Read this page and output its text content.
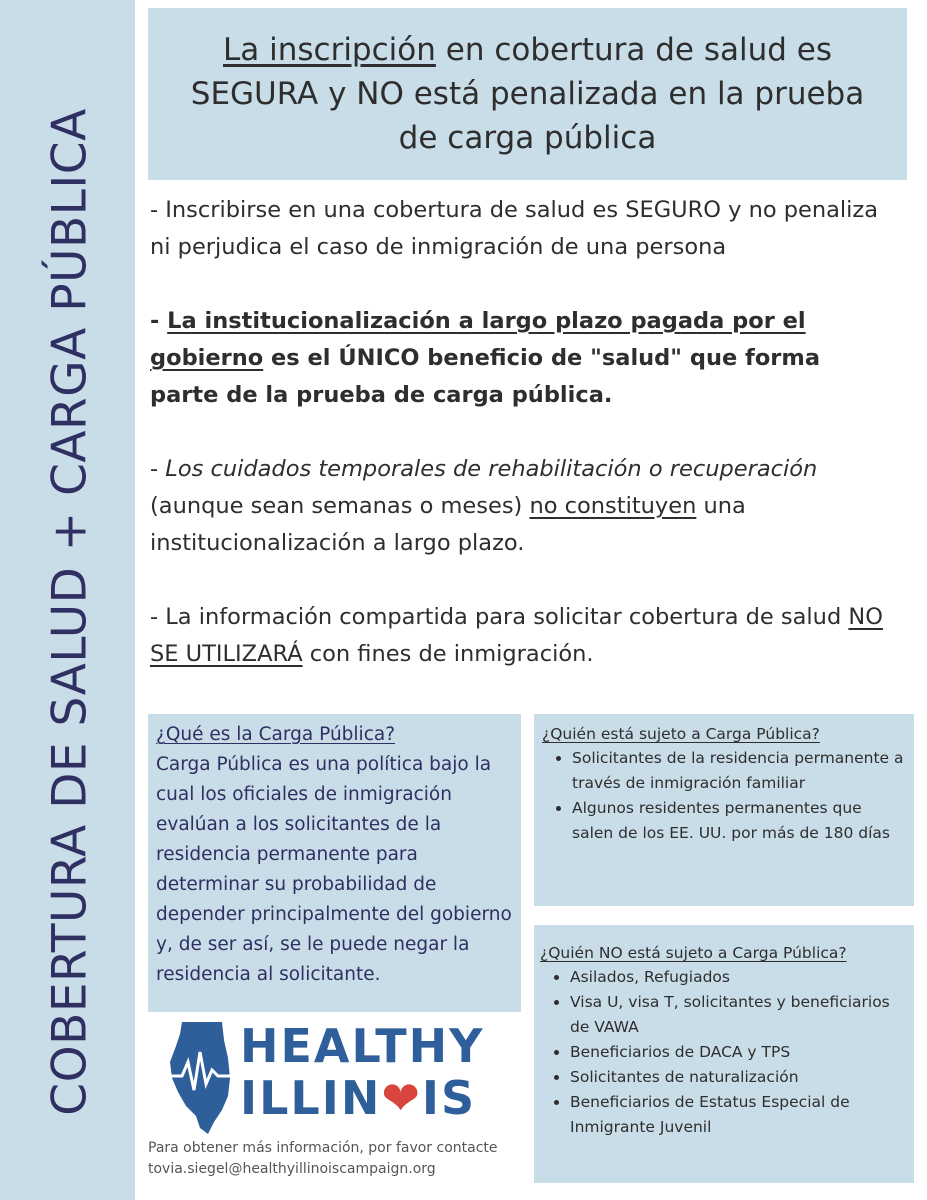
COBERTURA DE SALUD + CARGA PÚBLICA
La inscripción en cobertura de salud es SEGURA y NO está penalizada en la prueba de carga pública

- Inscribirse en una cobertura de salud es SEGURO y no penaliza ni perjudica el caso de inmigración de una persona

- La institucionalización a largo plazo pagada por el gobierno es el ÚNICO beneficio de "salud" que forma parte de la prueba de carga pública.

- Los cuidados temporales de rehabilitación o recuperación (aunque sean semanas o meses) no constituyen una institucionalización a largo plazo.

- La información compartida para solicitar cobertura de salud NO SE UTILIZARÁ con fines de inmigración.

¿Qué es la Carga Pública?
Carga Pública es una política bajo la cual los oficiales de inmigración evalúan a los solicitantes de la residencia permanente para determinar su probabilidad de depender principalmente del gobierno y, de ser así, se le puede negar la residencia al solicitante.
¿Quién está sujeto a Carga Pública?
• Solicitantes de la residencia permanente a través de inmigración familiar
• Algunos residentes permanentes que salen de los EE. UU. por más de 180 días
¿Quién NO está sujeto a Carga Pública?
• Asilados, Refugiados
• Visa U, visa T, solicitantes y beneficiarios de VAWA
• Beneficiarios de DACA y TPS
• Solicitantes de naturalización
• Beneficiarios de Estatus Especial de Inmigrante Juvenil
HEALTHY
ILLIN❤IS
Para obtener más información, por favor contacte
tovia.siegel@healthyillinoiscampaign.org
